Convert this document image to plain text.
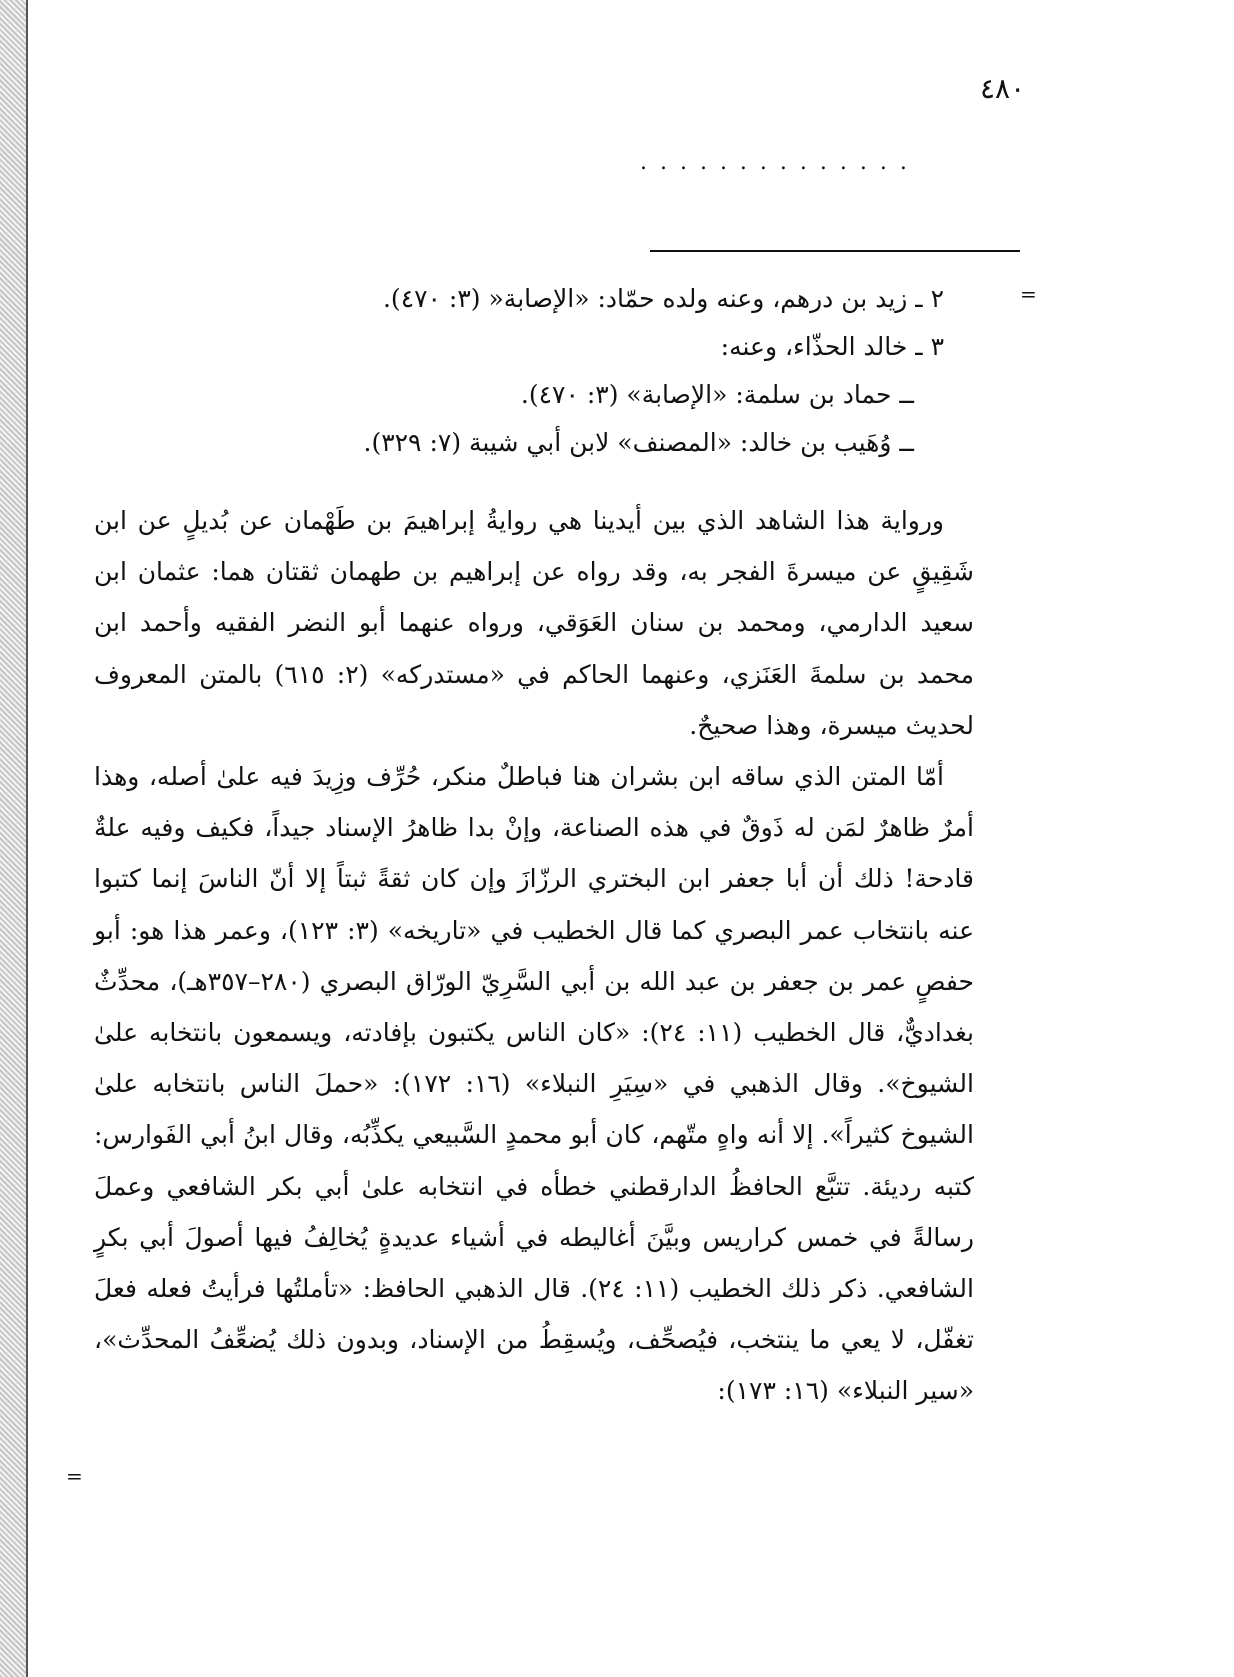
٤٨٠
. . . . . . . . . . . . . .
=

٢ ـ زيد بن درهم، وعنه ولده حمّاد: «الإصابة« (٣: ٤٧٠).

٣ ـ خالد الحذّاء، وعنه:

ــ حماد بن سلمة: «الإصابة» (٣: ٤٧٠).

ــ وُهَيب بن خالد: «المصنف» لابن أبي شيبة (٧: ٣٢٩).

ورواية هذا الشاهد الذي بين أيدينا هي روايةُ إبراهيمَ بن طَهْمان عن بُديلٍ عن ابن شَقِيقٍ عن ميسرةَ الفجر به، وقد رواه عن إبراهيم بن طهمان ثقتان هما: عثمان ابن سعيد الدارمي، ومحمد بن سنان العَوَقي، ورواه عنهما أبو النضر الفقيه وأحمد ابن محمد بن سلمةَ العَنَزي، وعنهما الحاكم في «مستدركه» (٢: ٦١٥) بالمتن المعروف لحديث ميسرة، وهذا صحيحٌ.

أمّا المتن الذي ساقه ابن بشران هنا فباطلٌ منكر، حُرِّف وزِيدَ فيه علىٰ أصله، وهذا أمرٌ ظاهرٌ لمَن له ذَوقٌ في هذه الصناعة، وإنْ بدا ظاهرُ الإسناد جيداً، فكيف وفيه علةٌ قادحة! ذلك أن أبا جعفر ابن البختري الرزّازَ وإن كان ثقةً ثبتاً إلا أنّ الناسَ إنما كتبوا عنه بانتخاب عمر البصري كما قال الخطيب في «تاريخه» (٣: ١٢٣)، وعمر هذا هو: أبو حفصٍ عمر بن جعفر بن عبد الله بن أبي السَّرِيّ الورّاق البصري (٢٨٠–٣٥٧هـ)، محدِّثٌ بغداديٌّ، قال الخطيب (١١: ٢٤): «كان الناس يكتبون بإفادته، ويسمعون بانتخابه علىٰ الشيوخ». وقال الذهبي في «سِيَرِ النبلاء» (١٦: ١٧٢): «حملَ الناس بانتخابه علىٰ الشيوخ كثيراً». إلا أنه واهٍ متّهم، كان أبو محمدٍ السَّبيعي يكذِّبُه، وقال ابنُ أبي الفَوارس: كتبه رديئة. تتبَّع الحافظُ الدارقطني خطأه في انتخابه علىٰ أبي بكر الشافعي وعملَ رسالةً في خمس كراريس وبيَّنَ أغاليطه في أشياء عديدةٍ يُخالِفُ فيها أصولَ أبي بكرٍ الشافعي. ذكر ذلك الخطيب (١١: ٢٤). قال الذهبي الحافظ: «تأملتُها فرأيتُ فعله فعلَ تغفّل، لا يعي ما ينتخب، فيُصحِّف، ويُسقِطُ من الإسناد، وبدون ذلك يُضعِّفُ المحدِّث»، «سير النبلاء» (١٦: ١٧٣):

=
